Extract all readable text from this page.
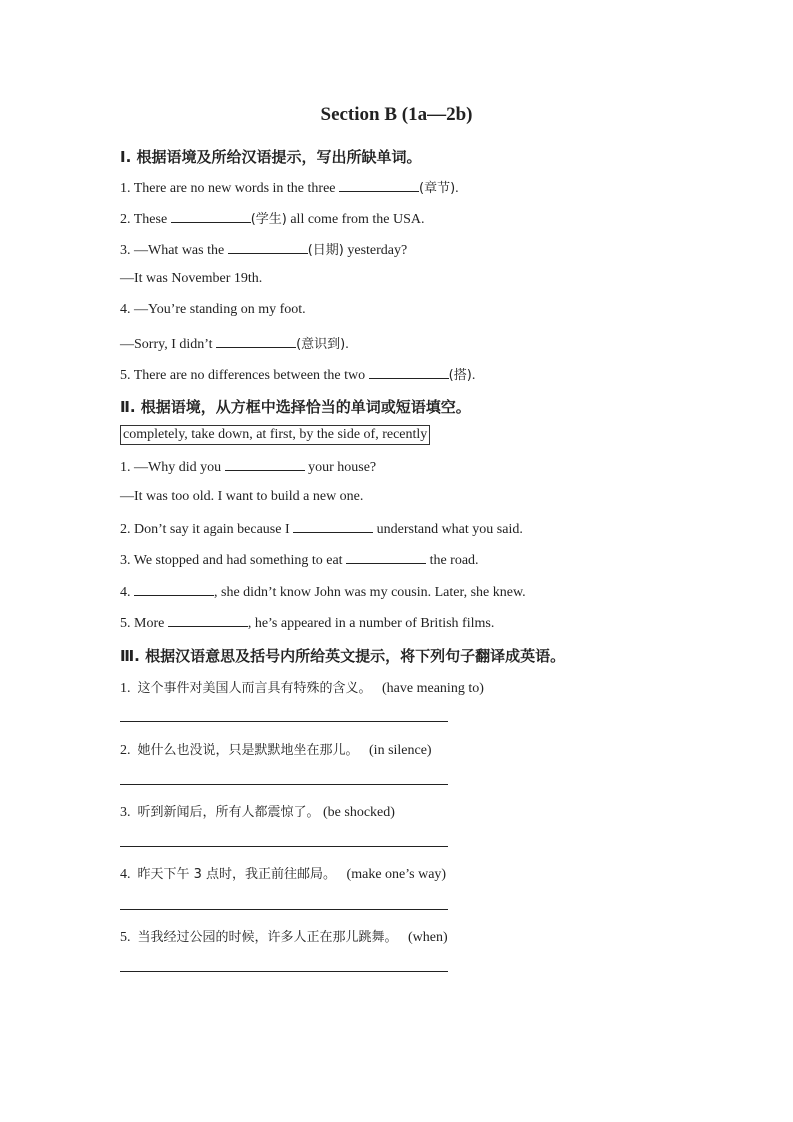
Section B (1a—2b)
Ⅰ. 根据语境及所给汉语提示，写出所缺单词。
1. There are no new words in the three	(章节).
2. These	(学生) all come from the USA.
3. —What was the	(日期) yesterday?
—It was November 19th.
4. —You’re standing on my foot.
—Sorry, I didn’t	(意识到).
5. There are no differences between the two	(搭).
Ⅱ. 根据语境，从方框中选择恰当的单词或短语填空。
completely, take down, at first, by the side of, recently
1. —Why did you	your house?
—It was too old. I want to build a new one.
2. Don’t say it again because I	understand what you said.
3. We stopped and had something to eat	the road.
4.	, she didn’t know John was my cousin. Later, she knew.
5. More	, he’s appeared in a number of British films.
Ⅲ. 根据汉语意思及括号内所给英文提示，将下列句子翻译成英语。
1. 这个事件对美国人而言具有特殊的含义。 (have meaning to)
2. 她什么也没说，只是默默地坐在那儿。 (in silence)
3. 听到新闻后，所有人都震惊了。 (be shocked)
4. 昨天下午 3 点时，我正前往邮局。 (make one’s way)
5. 当我经过公园的时候，许多人正在那儿跳舞。 (when)
